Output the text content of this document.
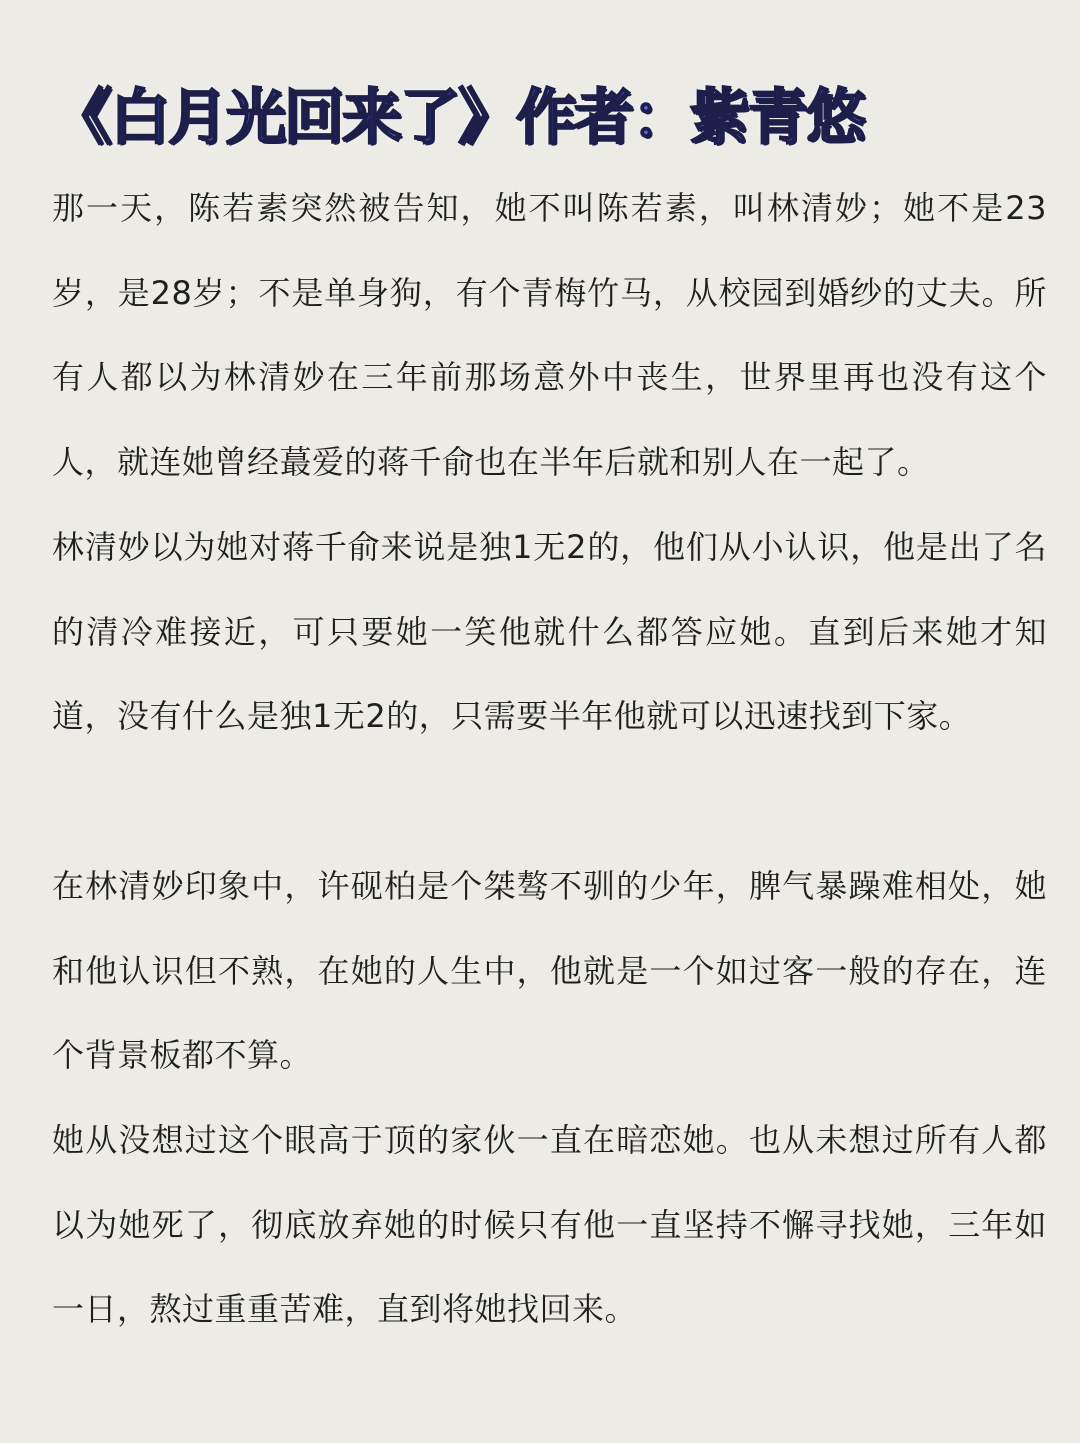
《白月光回来了》作者：紫青悠

那一天，陈若素突然被告知，她不叫陈若素，叫林清妙；她不是23岁，是28岁；不是单身狗，有个青梅竹马，从校园到婚纱的丈夫。所有人都以为林清妙在三年前那场意外中丧生，世界里再也没有这个人，就连她曾经蕞爱的蒋千俞也在半年后就和别人在一起了。

林清妙以为她对蒋千俞来说是独1无2的，他们从小认识，他是出了名的清冷难接近，可只要她一笑他就什么都答应她。直到后来她才知道，没有什么是独1无2的，只需要半年他就可以迅速找到下家。

在林清妙印象中，许砚柏是个桀骜不驯的少年，脾气暴躁难相处，她和他认识但不熟，在她的人生中，他就是一个如过客一般的存在，连个背景板都不算。

她从没想过这个眼高于顶的家伙一直在暗恋她。也从未想过所有人都以为她死了，彻底放弃她的时候只有他一直坚持不懈寻找她，三年如一日，熬过重重苦难，直到将她找回来。
